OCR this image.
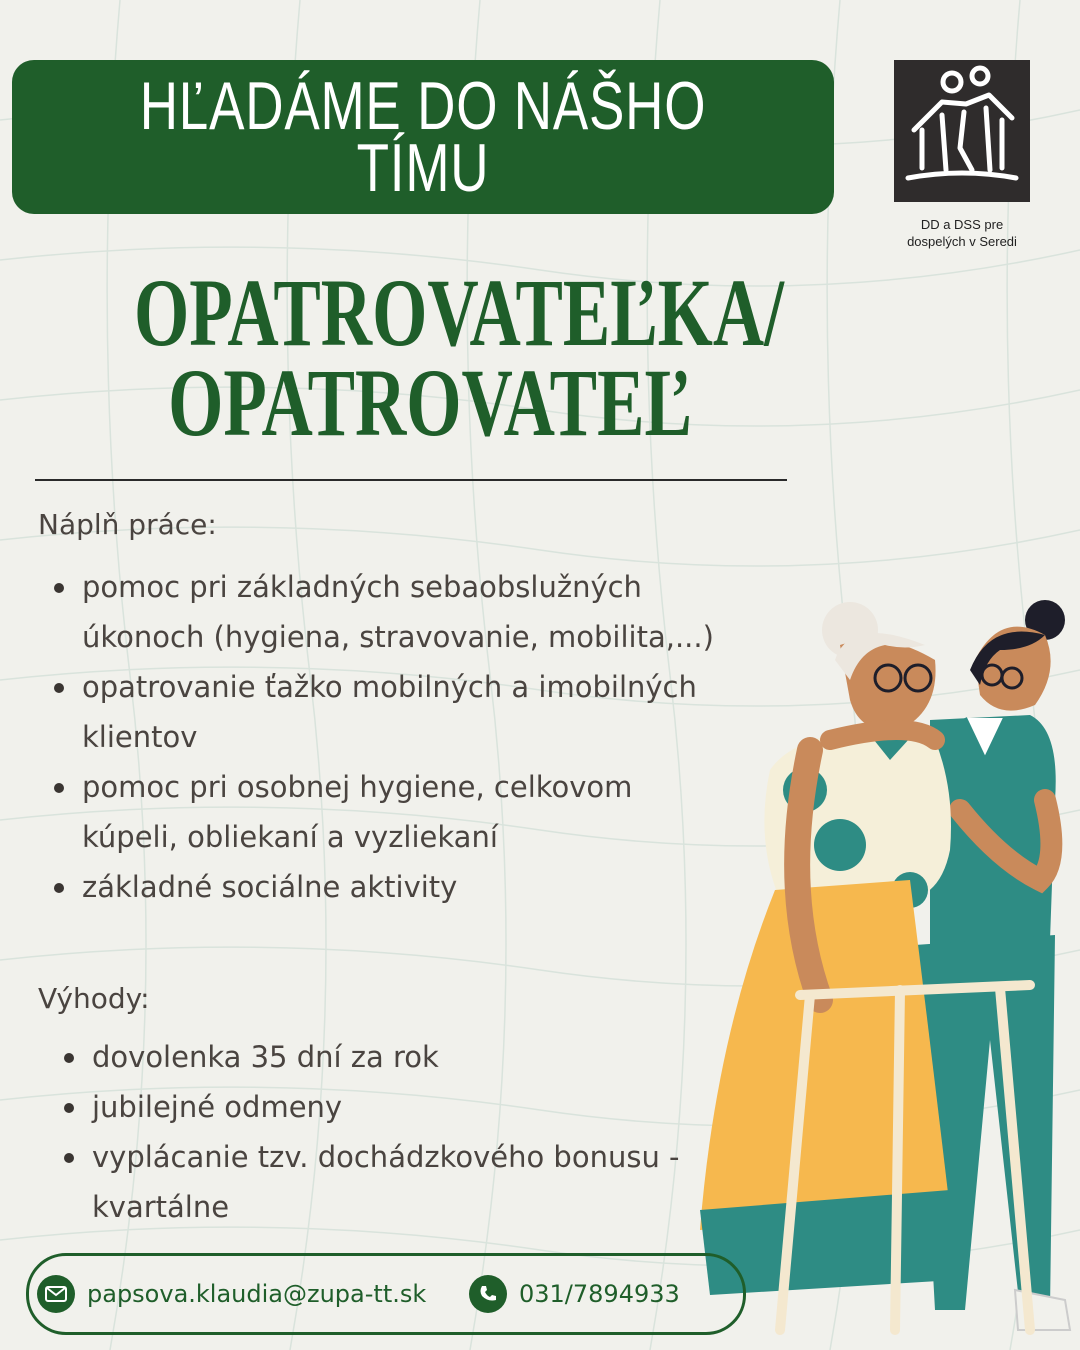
HĽADÁME DO NÁŠHO TÍMU
DD a DSS pre dospelých v Seredi
OPATROVATEĽKA/
OPATROVATEĽ
Náplň práce:
pomoc pri základných sebaobslužných úkonoch (hygiena, stravovanie, mobilita,...)
opatrovanie ťažko mobilných a imobilných klientov
pomoc pri osobnej hygiene, celkovom kúpeli, obliekaní a vyzliekaní
základné sociálne aktivity
Výhody:
dovolenka 35 dní za rok
jubilejné odmeny
vyplácanie tzv. dochádzkového bonusu - kvartálne
papsova.klaudia@zupa-tt.sk	031/7894933
